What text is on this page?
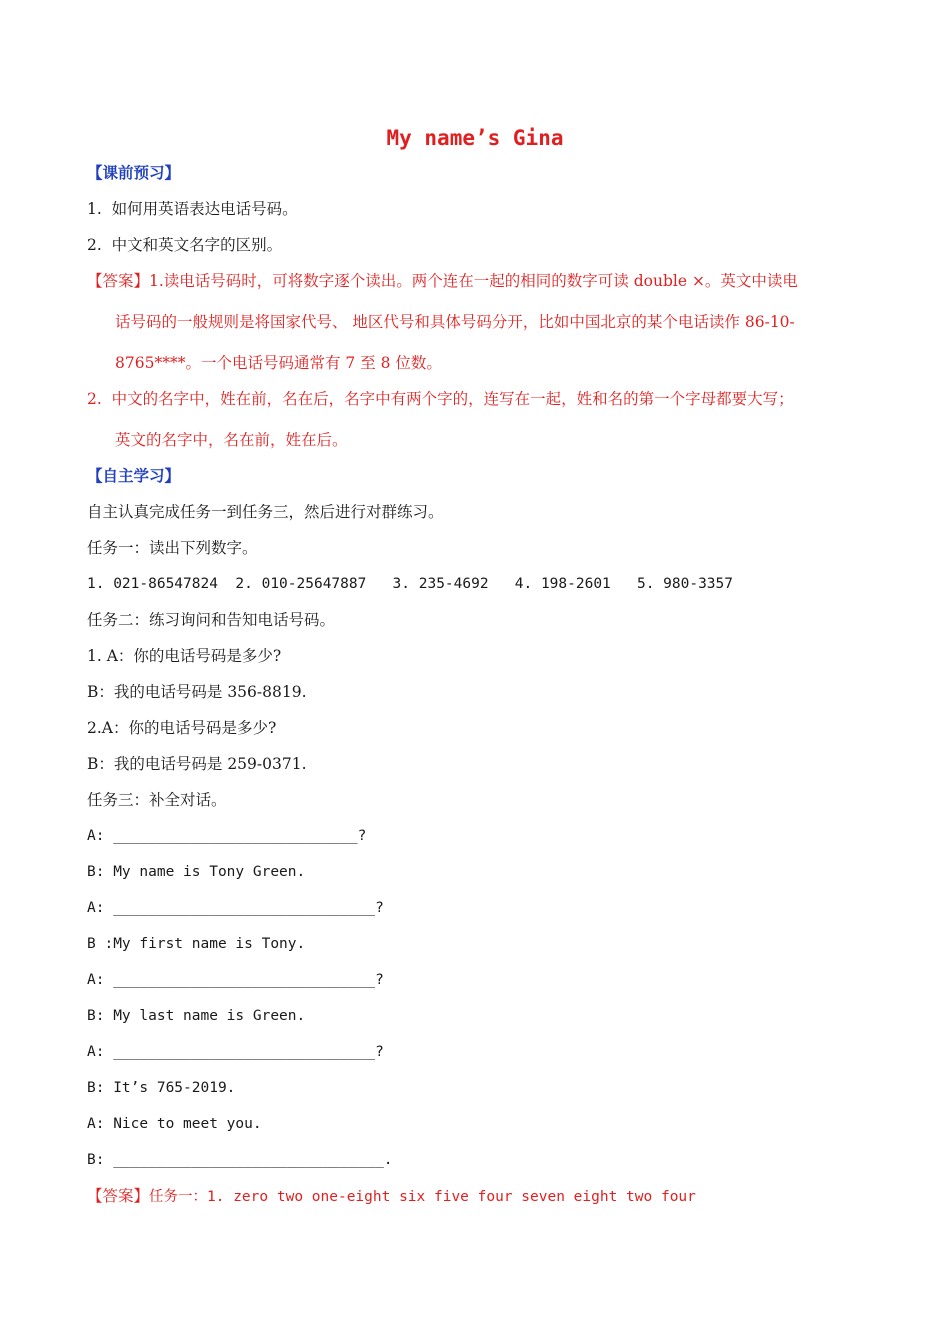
My name’s Gina
【课前预习】
1.  如何用英语表达电话号码。
2.  中文和英文名字的区别。
【答案】1.读电话号码时，可将数字逐个读出。两个连在一起的相同的数字可读 double ×。英文中读电
话号码的一般规则是将国家代号、 地区代号和具体号码分开，比如中国北京的某个电话读作 86-10-
8765****。一个电话号码通常有 7 至 8 位数。
2.  中文的名字中，姓在前，名在后，名字中有两个字的，连写在一起，姓和名的第一个字母都要大写；
英文的名字中，名在前，姓在后。
【自主学习】
自主认真完成任务一到任务三，然后进行对群练习。
任务一：读出下列数字。
1. 021-86547824  2. 010-25647887   3. 235-4692   4. 198-2601   5. 980-3357
任务二：练习询问和告知电话号码。
1. A：你的电话号码是多少?
B：我的电话号码是 356-8819.
2.A：你的电话号码是多少?
B：我的电话号码是 259-0371.
任务三：补全对话。
A: ____________________________?
B: My name is Tony Green.
A: ______________________________?
B :My first name is Tony.
A: ______________________________?
B: My last name is Green.
A: ______________________________?
B: It’s 765-2019.
A: Nice to meet you.
B: _______________________________.
【答案】任务一：1. zero two one-eight six five four seven eight two four
